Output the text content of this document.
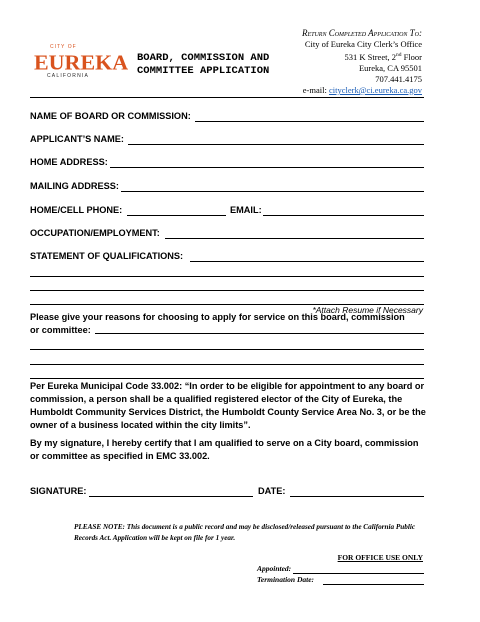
CITY OF
EUREKA
CALIFORNIA
BOARD, COMMISSION AND
COMMITTEE APPLICATION
Return Completed Application To:
City of Eureka City Clerk’s Office
531 K Street, 2nd Floor
Eureka, CA 95501
707.441.4175
e-mail: cityclerk@ci.eureka.ca.gov
NAME OF BOARD OR COMMISSION:
APPLICANT’S NAME:
HOME ADDRESS:
MAILING ADDRESS:
HOME/CELL PHONE:	EMAIL:
OCCUPATION/EMPLOYMENT:
STATEMENT OF QUALIFICATIONS:
*Attach Resume if Necessary
Please give your reasons for choosing to apply for service on this board, commission
or committee:
Per Eureka Municipal Code 33.002: “In order to be eligible for appointment to any board or commission, a person shall be a qualified registered elector of the City of Eureka, the Humboldt Community Services District, the Humboldt County Service Area No. 3, or be the owner of a business located within the city limits”.
By my signature, I hereby certify that I am qualified to serve on a City board, commission or committee as specified in EMC 33.002.
SIGNATURE:	DATE:
PLEASE NOTE: This document is a public record and may be disclosed/released pursuant to the California Public Records Act. Application will be kept on file for 1 year.
FOR OFFICE USE ONLY
Appointed:
Termination Date:
